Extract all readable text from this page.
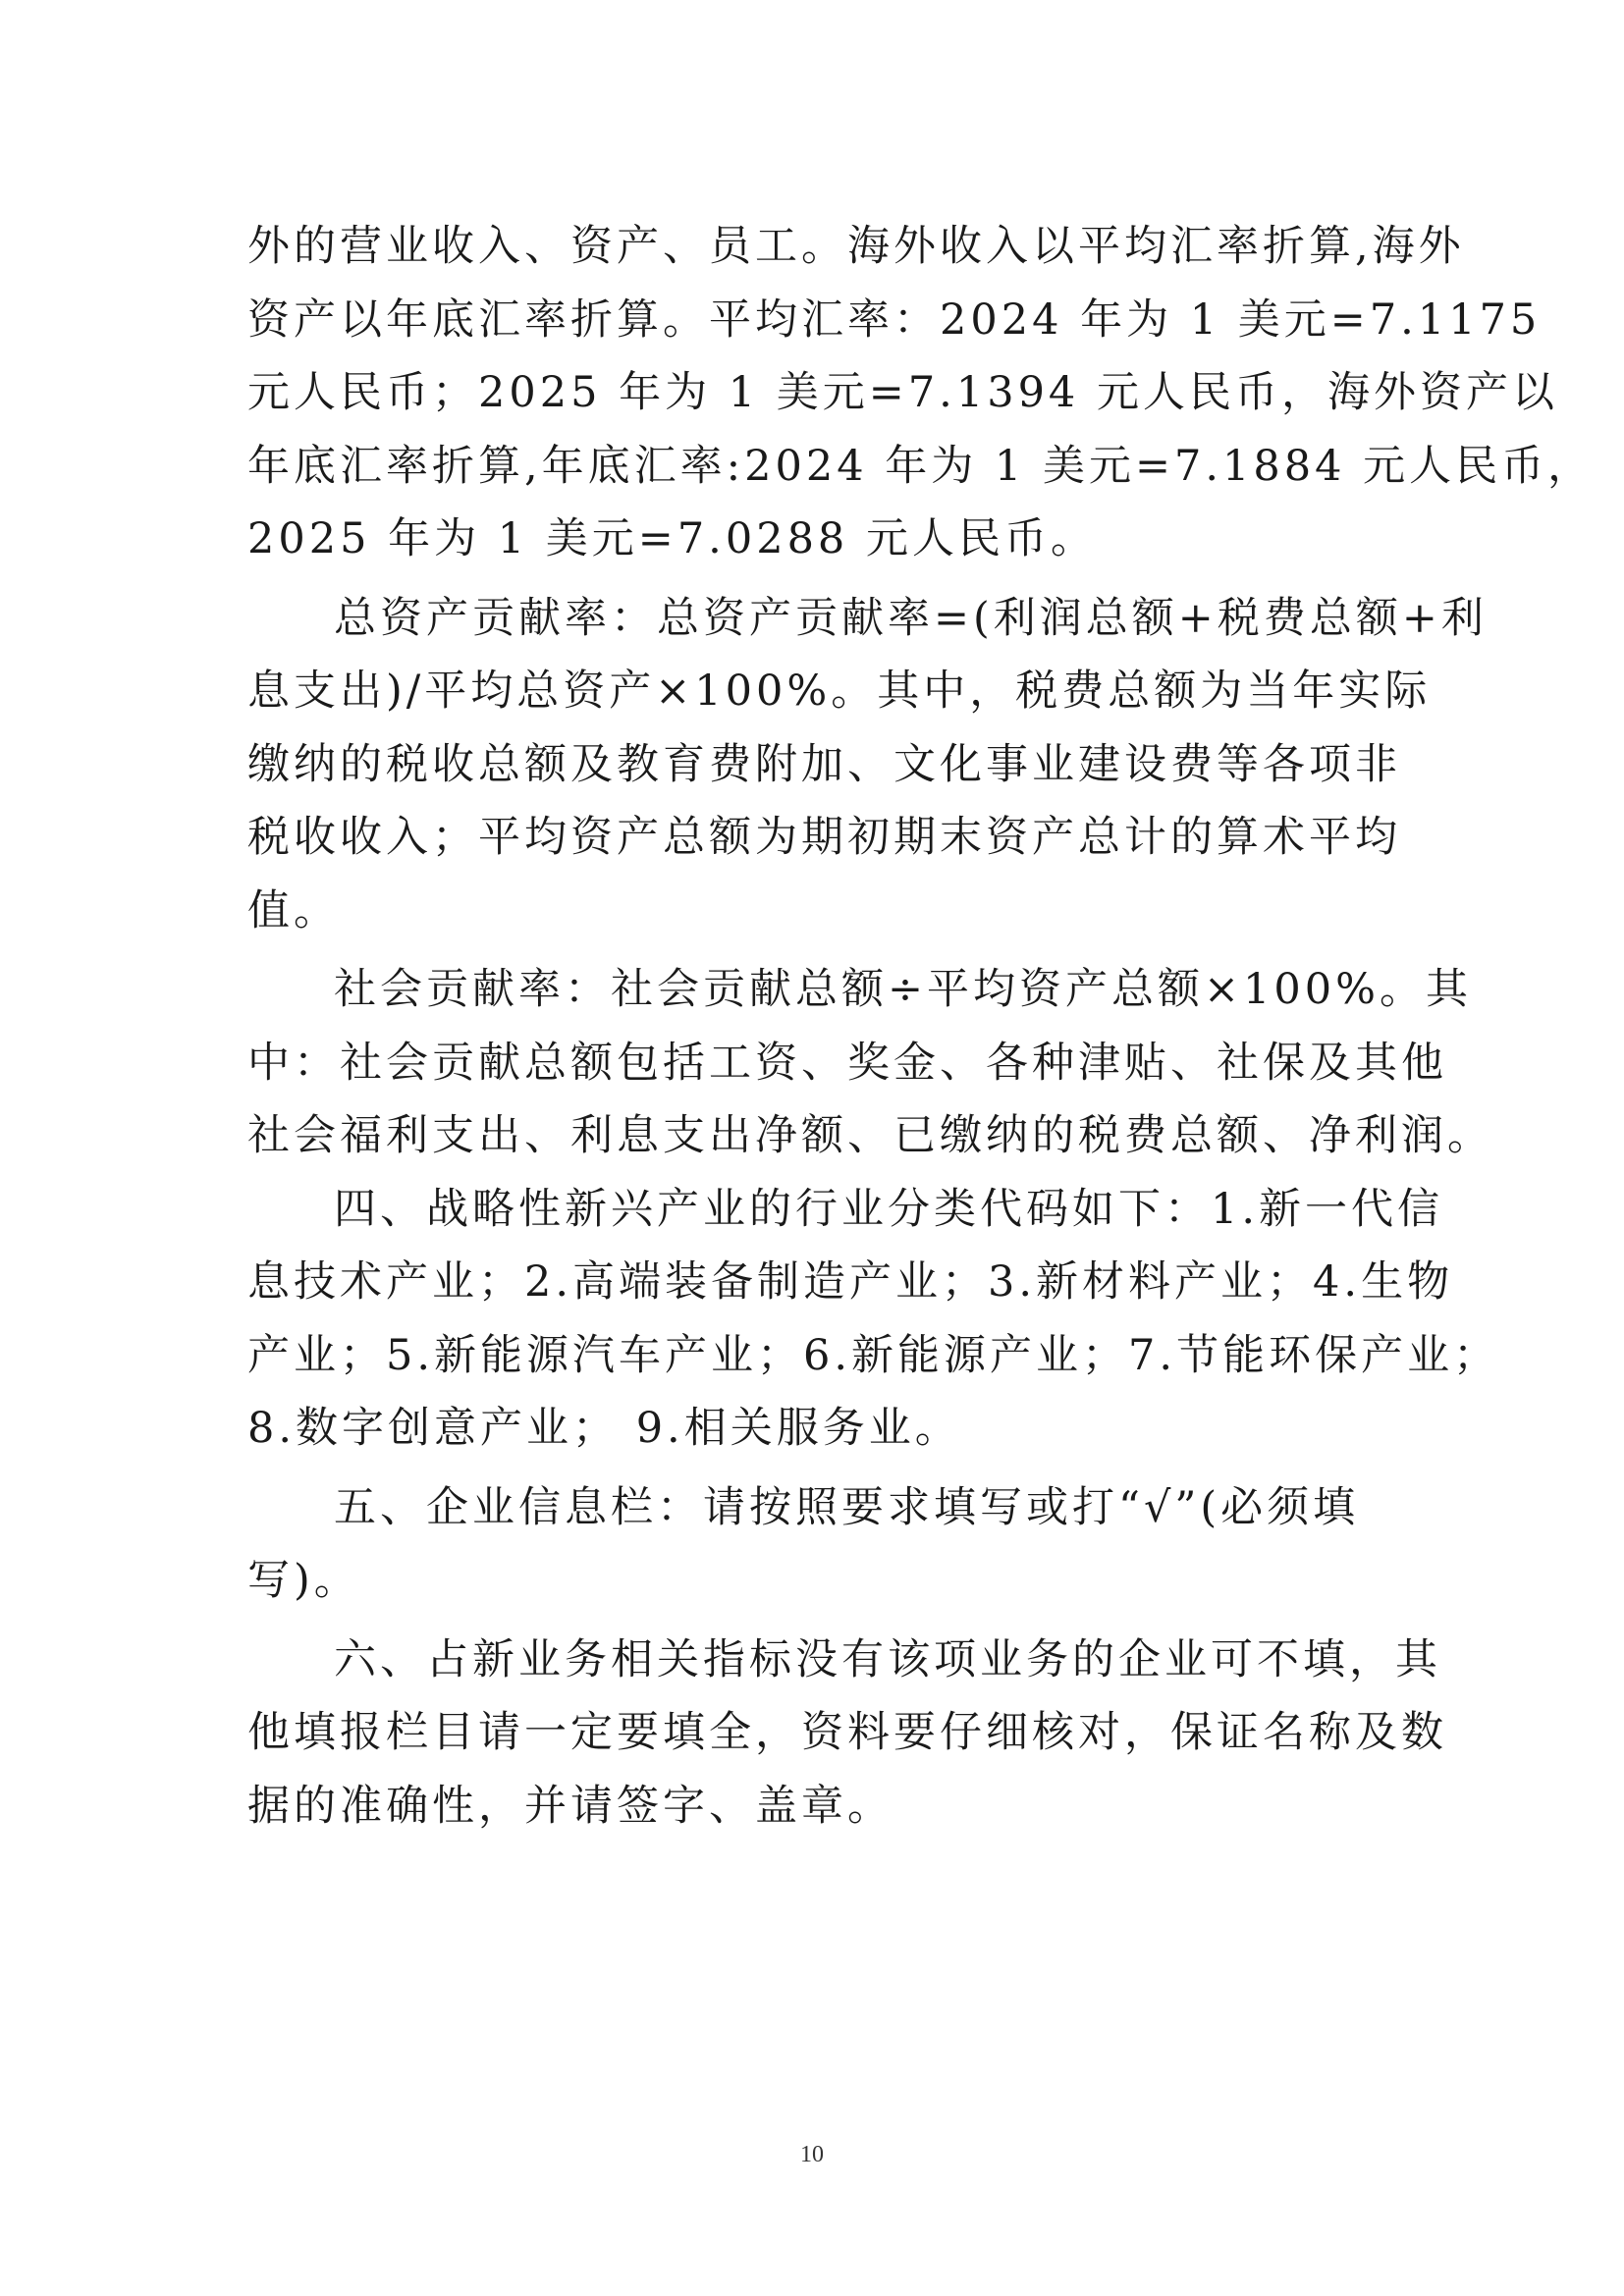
外的营业收入、资产、员工。海外收入以平均汇率折算,海外
资产以年底汇率折算。平均汇率：2024 年为 1 美元=7.1175
元人民币；2025 年为 1 美元=7.1394 元人民币，海外资产以
年底汇率折算,年底汇率:2024 年为 1 美元=7.1884 元人民币，
2025 年为 1 美元=7.0288 元人民币。
总资产贡献率：总资产贡献率=(利润总额+税费总额+利
息支出)/平均总资产×100%。其中，税费总额为当年实际
缴纳的税收总额及教育费附加、文化事业建设费等各项非
税收收入；平均资产总额为期初期末资产总计的算术平均
值。
社会贡献率：社会贡献总额÷平均资产总额×100%。其
中：社会贡献总额包括工资、奖金、各种津贴、社保及其他
社会福利支出、利息支出净额、已缴纳的税费总额、净利润。
四、战略性新兴产业的行业分类代码如下：1.新一代信
息技术产业；2.高端装备制造产业；3.新材料产业；4.生物
产业；5.新能源汽车产业；6.新能源产业；7.节能环保产业；
8.数字创意产业； 9.相关服务业。
五、企业信息栏：请按照要求填写或打“√”(必须填
写)。
六、占新业务相关指标没有该项业务的企业可不填，其
他填报栏目请一定要填全，资料要仔细核对，保证名称及数
据的准确性，并请签字、盖章。
10
